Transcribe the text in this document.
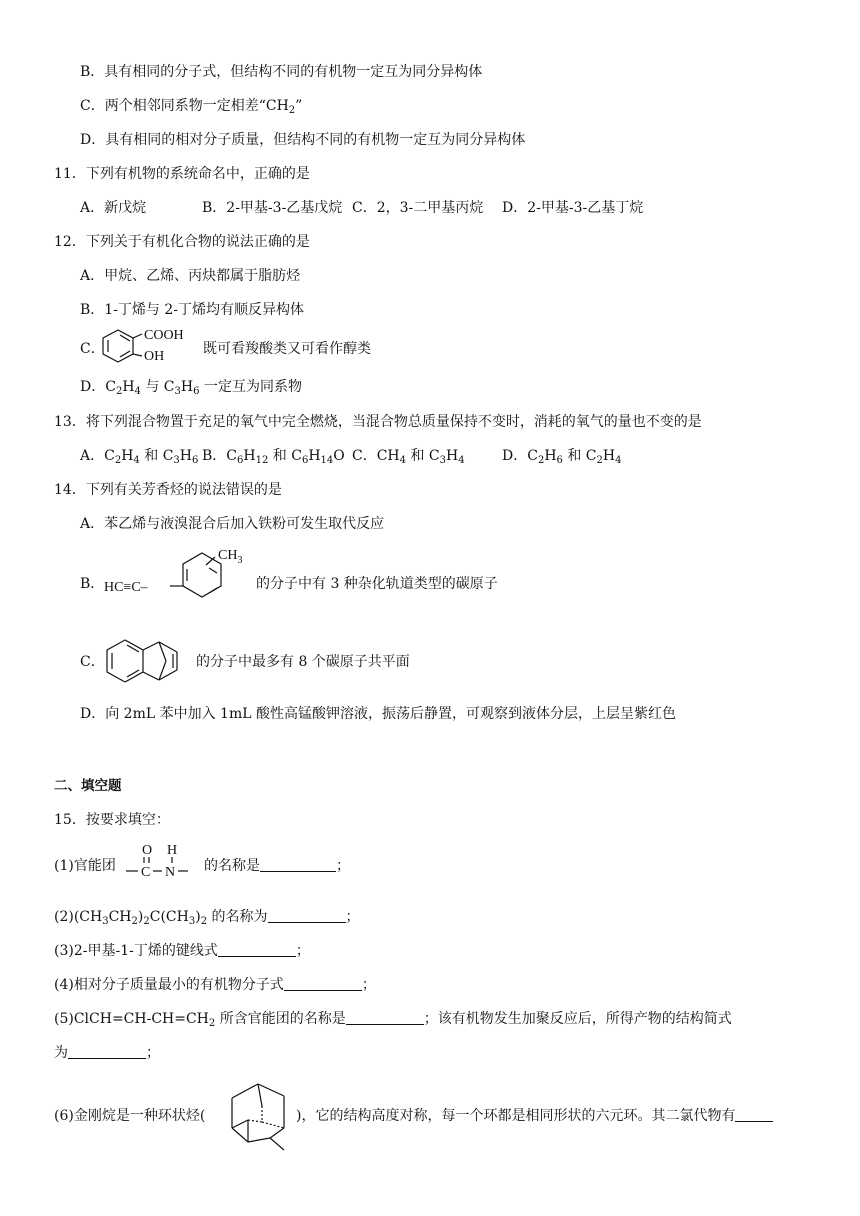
B．具有相同的分子式，但结构不同的有机物一定互为同分异构体
C．两个相邻同系物一定相差“$CH_2$”
D．具有相同的相对分子质量，但结构不同的有机物一定互为同分异构体
11．下列有机物的系统命名中，正确的是
A．新戊烷	B．2-甲基-3-乙基戊烷 C．2，3-二甲基丙烷 D．2-甲基-3-乙基丁烷
12．下列关于有机化合物的说法正确的是
A．甲烷、乙烯、丙炔都属于脂肪烃
B．1-丁烯与 2-丁烯均有顺反异构体
C．
COOH
OH	既可看羧酸类又可看作醇类
D．$C_2H_4$ 与 $C_3H_6$ 一定互为同系物
13．将下列混合物置于充足的氧气中完全燃烧，当混合物总质量保持不变时，消耗的氧气的量也不变的是
A．$C_2H_4$ 和 $C_3H_6$ B．$C_6H_{12}$ 和 $C_6H_{14}O$ C．$CH_4$ 和 $C_3H_4$	D．$C_2H_6$ 和 $C_2H_4$
14．下列有关芳香烃的说法错误的是
A．苯乙烯与液溴混合后加入铁粉可发生取代反应
B．
$CH_3$
HC≡C–	的分子中有 3 种杂化轨道类型的碳原子
C．	的分子中最多有 8 个碳原子共平面
D．向 2mL 苯中加入 1mL 酸性高锰酸钾溶液，振荡后静置，可观察到液体分层，上层呈紫红色
二、填空题
15．按要求填空：
(1)官能团
O H
C N 的名称是	；
$(2)(CH_3CH_2)_2C(CH_3)_2$ 的名称为	；
(3)2-甲基-1-丁烯的键线式	；
(4)相对分子质量最小的有机物分子式	；
$(5)ClCH=CH-CH=CH_2$ 所含官能团的名称是	；该有机物发生加聚反应后，所得产物的结构简式
为	；
(6)金刚烷是一种环状烃(	)，它的结构高度对称，每一个环都是相同形状的六元环。其二氯代物有
